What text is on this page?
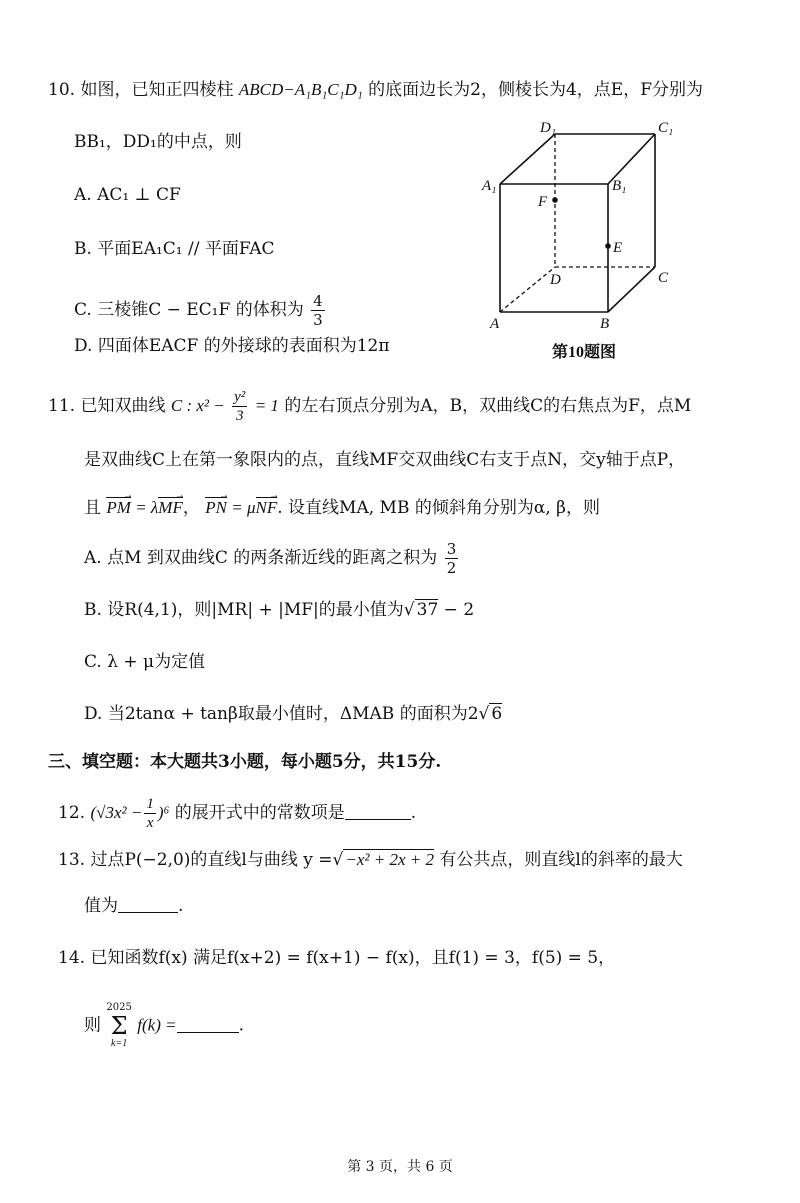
10. 如图，已知正四棱柱 ABCD−A₁B₁C₁D₁ 的底面边长为2，侧棱长为4，点E，F分别为
BB₁，DD₁的中点，则
A. AC₁ ⊥ CF
B. 平面EA₁C₁ // 平面FAC
C. 三棱锥C − EC₁F 的体积为 $\frac{4}{3}$
D. 四面体EACF 的外接球的表面积为12π
D₁	C₁
A₁	B₁
F
E
D	C
A	B
第10题图
11. 已知双曲线 C : $x^2 - \frac{\text{y²}}{3} = 1$ 的左右顶点分别为A，B，双曲线C的右焦点为F，点M
是双曲线C上在第一象限内的点，直线MF交双曲线C右支于点N，交y轴于点P，
且 PM → = λMF →， PN → = μNF →. 设直线MA, MB 的倾斜角分别为α, β，则
A. 点M 到双曲线C 的两条渐近线的距离之积为 $\frac{3}{2}$
B. 设R(4,1)，则|MR| + |MF|的最小值为√ 37 − 2
C. λ + μ为定值
D. 当2tanα + tanβ取最小值时，ΔMAB 的面积为2√ 6
三、填空题：本大题共3小题，每小题5分，共15分.
12. $(√3x^2 - \frac{1}{x} )^6$ 的展开式中的常数项是	.
13. 过点P(−2,0)的直线l与曲线 y =√ −x² + 2x + 2 有公共点，则直线l的斜率的最大
值为	.
14. 已知函数f(x) 满足f(x+2) = f(x+1) − f(x)，且f(1) = 3，f(5) = 5，
则
2025
Σ
k=1
f(k) =	.
第 3 页，共 6 页
